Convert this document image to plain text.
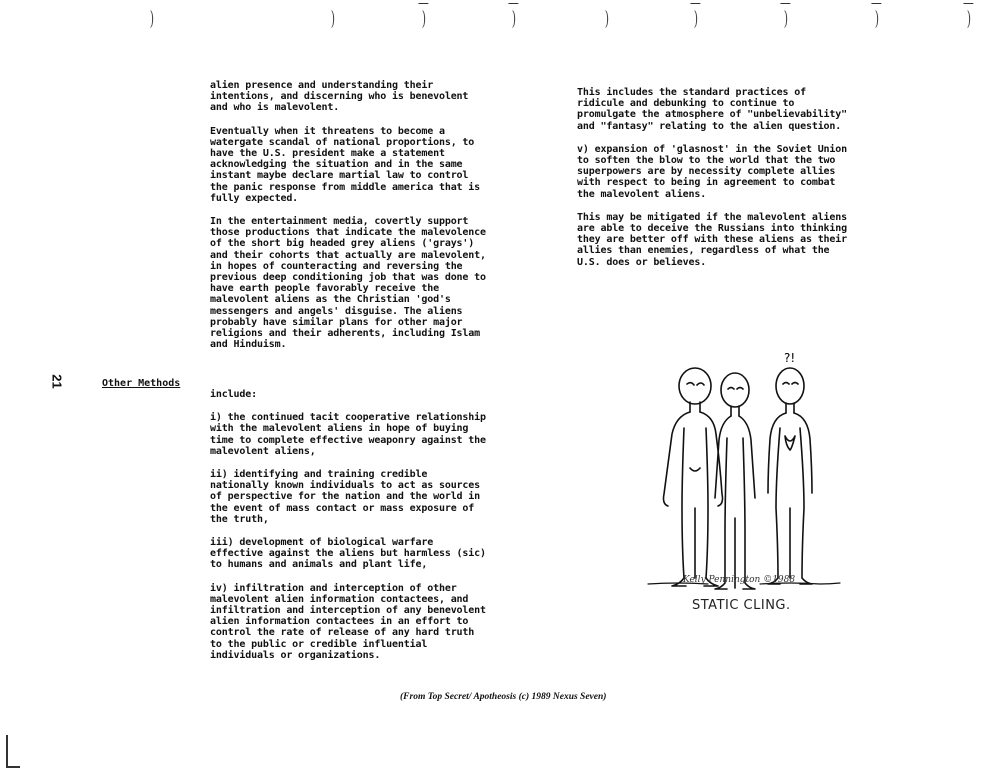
)	)	)	)	)	)	)	)	)

alien presence and understanding their
intentions, and discerning who is benevolent
and who is malevolent.

Eventually when it threatens to become a
watergate scandal of national proportions, to
have the U.S. president make a statement
acknowledging the situation and in the same
instant maybe declare martial law to control
the panic response from middle america that is
fully expected.

In the entertainment media, covertly support
those productions that indicate the malevolence
of the short big headed grey aliens ('grays')
and their cohorts that actually are malevolent,
in hopes of counteracting and reversing the
previous deep conditioning job that was done to
have earth people favorably receive the
malevolent aliens as the Christian 'god's
messengers and angels' disguise. The aliens
probably have similar plans for other major
religions and their adherents, including Islam
and Hinduism.

21	Other Methods

include:

i) the continued tacit cooperative relationship
with the malevolent aliens in hope of buying
time to complete effective weaponry against the
malevolent aliens,

ii) identifying and training credible
nationally known individuals to act as sources
of perspective for the nation and the world in
the event of mass contact or mass exposure of
the truth,

iii) development of biological warfare
effective against the aliens but harmless (sic)
to humans and animals and plant life,

iv) infiltration and interception of other
malevolent alien information contactees, and
infiltration and interception of any benevolent
alien information contactees in an effort to
control the rate of release of any hard truth
to the public or credible influential
individuals or organizations.

This includes the standard practices of
ridicule and debunking to continue to
promulgate the atmosphere of "unbelievability"
and "fantasy" relating to the alien question.

v) expansion of 'glasnost' in the Soviet Union
to soften the blow to the world that the two
superpowers are by necessity complete allies
with respect to being in agreement to combat
the malevolent aliens.

This may be mitigated if the malevolent aliens
are able to deceive the Russians into thinking
they are better off with these aliens as their
allies than enemies, regardless of what the
U.S. does or believes.

?!
Kelly Pennington ©1988
STATIC CLING.
(From Top Secret/ Apotheosis (c) 1989 Nexus Seven)
